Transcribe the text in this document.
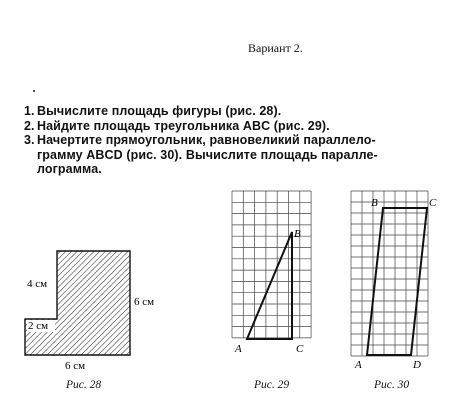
Вариант 2.
1. Вычислите площадь фигуры (рис. 28).
2. Найдите площадь треугольника ABC (рис. 29).
3. Начертите прямоугольник, равновеликий параллело-
грамму ABCD (рис. 30). Вычислите площадь паралле-
лограмма.
4 см
6 см
2 см
6 см
A
B
C
A
B	C
D
Рис. 28	Рис. 29	Рис. 30
